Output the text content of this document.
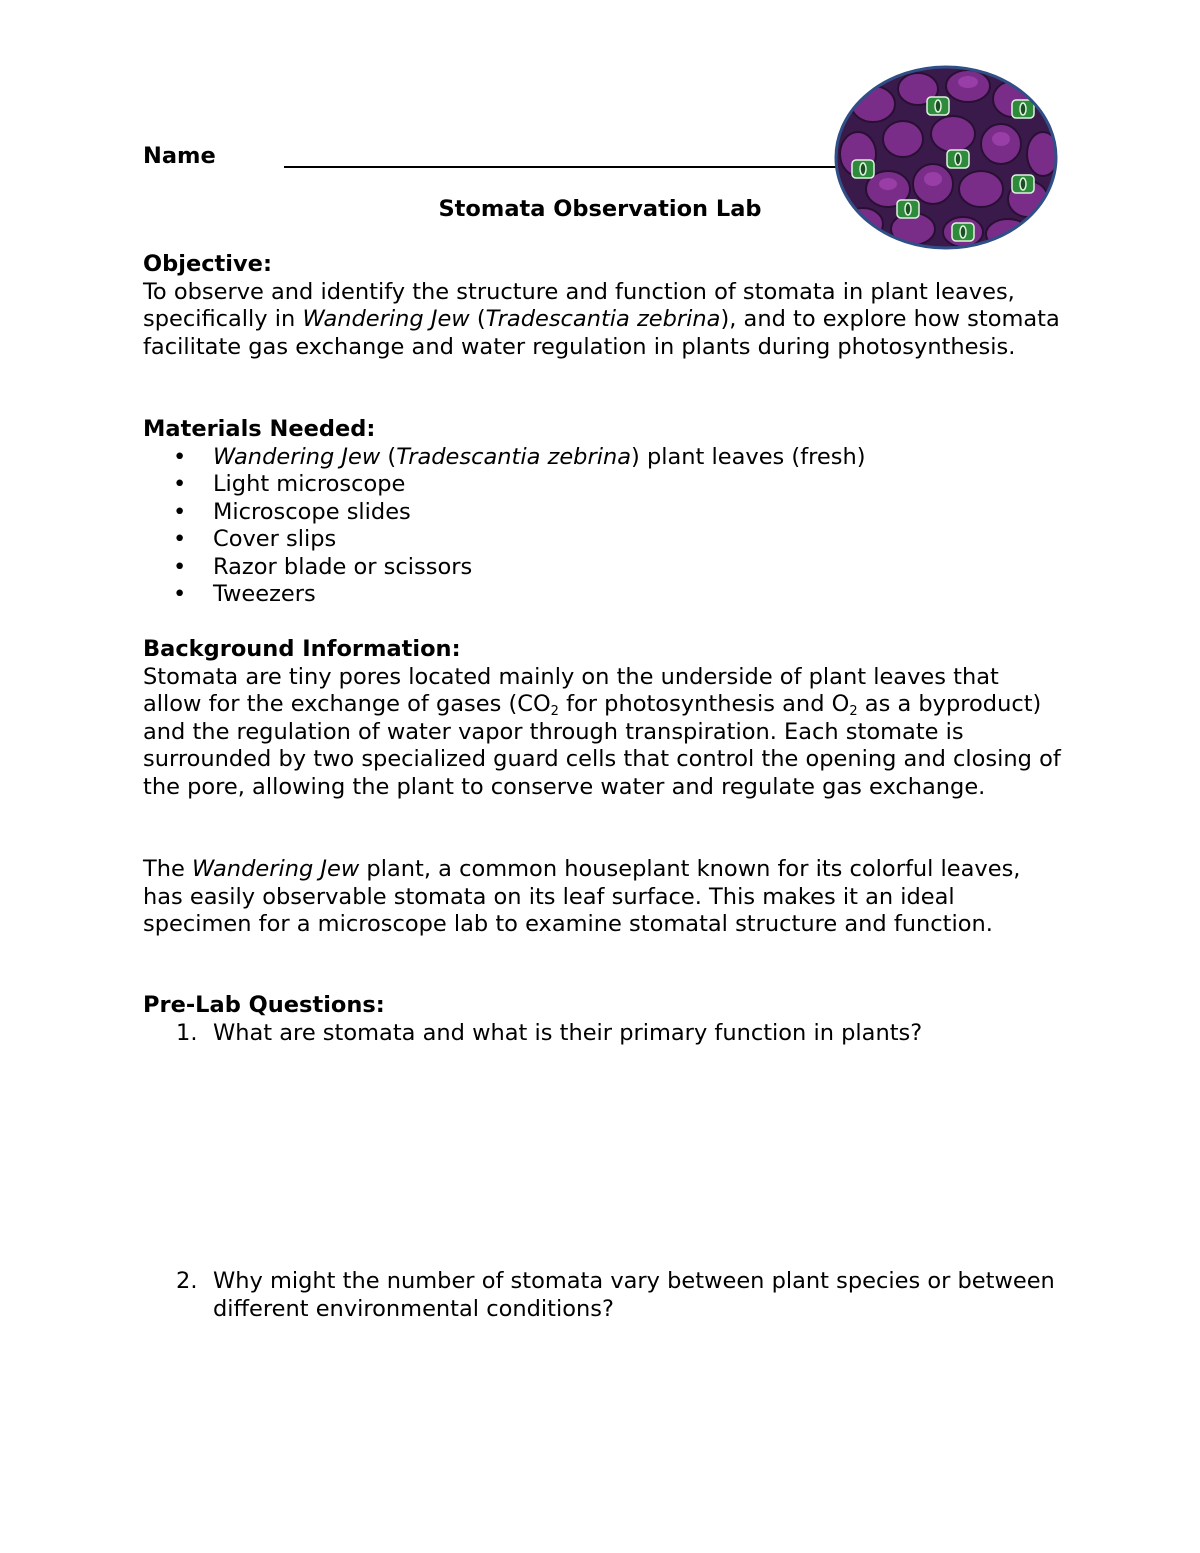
Name
Stomata Observation Lab
Objective:

To observe and identify the structure and function of stomata in plant leaves, specifically in Wandering Jew (Tradescantia zebrina), and to explore how stomata facilitate gas exchange and water regulation in plants during photosynthesis.

Materials Needed:
• Wandering Jew (Tradescantia zebrina) plant leaves (fresh)
• Light microscope
• Microscope slides
• Cover slips
• Razor blade or scissors
• Tweezers
Background Information:

Stomata are tiny pores located mainly on the underside of plant leaves that allow for the exchange of gases ($CO_2$ for photosynthesis and $O_2$ as a byproduct) and the regulation of water vapor through transpiration. Each stomate is surrounded by two specialized guard cells that control the opening and closing of the pore, allowing the plant to conserve water and regulate gas exchange.

The Wandering Jew plant, a common houseplant known for its colorful leaves, has easily observable stomata on its leaf surface. This makes it an ideal specimen for a microscope lab to examine stomatal structure and function.

Pre-Lab Questions:
1. What are stomata and what is their primary function in plants?
2. Why might the number of stomata vary between plant species or between different environmental conditions?
